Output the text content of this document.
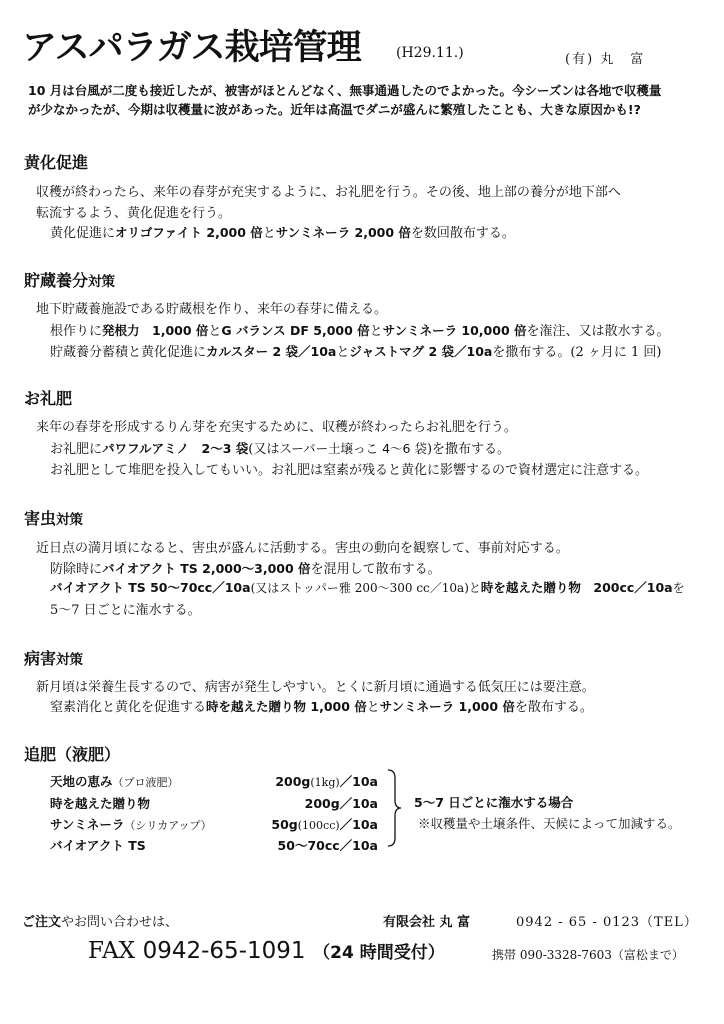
アスパラガス栽培管理	(H29.11.)	(有) 丸　富
10 月は台風が二度も接近したが、被害がほとんどなく、無事通過したのでよかった。今シーズンは各地で収穫量
が少なかったが、今期は収穫量に波があった。近年は高温でダニが盛んに繁殖したことも、大きな原因かも!?
黄化促進
収穫が終わったら、来年の春芽が充実するように、お礼肥を行う。その後、地上部の養分が地下部へ
転流するよう、黄化促進を行う。
黄化促進にオリゴファイト 2,000 倍とサンミネーラ 2,000 倍を数回散布する。
貯蔵養分対策
地下貯蔵養施設である貯蔵根を作り、来年の春芽に備える。
根作りに発根力　1,000 倍とG バランス DF 5,000 倍とサンミネーラ 10,000 倍を潅注、又は散水する。
貯蔵養分蓄積と黄化促進にカルスター 2 袋／10aとジャストマグ 2 袋／10aを撒布する。(2 ヶ月に 1 回)
お礼肥
来年の春芽を形成するりん芽を充実するために、収穫が終わったらお礼肥を行う。
お礼肥にパワフルアミノ　2～3 袋(又はスーパー土壌っこ 4～6 袋)を撒布する。
お礼肥として堆肥を投入してもいい。お礼肥は窒素が残ると黄化に影響するので資材選定に注意する。
害虫対策
近日点の満月頃になると、害虫が盛んに活動する。害虫の動向を観察して、事前対応する。
防除時にバイオアクト TS 2,000～3,000 倍を混用して散布する。
バイオアクト TS 50～70cc／10a(又はストッパー雅 200～300 cc／10a)と時を越えた贈り物　200cc／10aを
5～7 日ごとに潅水する。
病害対策
新月頃は栄養生長するので、病害が発生しやすい。とくに新月頃に通過する低気圧には要注意。
窒素消化と黄化を促進する時を越えた贈り物 1,000 倍とサンミネーラ 1,000 倍を散布する。
追肥（液肥）
天地の恵み（プロ液肥）	200g(1kg)／10a
時を越えた贈り物	200g／10a
サンミネーラ（シリカアップ）	50g(100cc)／10a
バイオアクト TS	50～70cc／10a
5～7 日ごとに潅水する場合
※収穫量や土壌条件、天候によって加減する。
ご注文やお問い合わせは、	有限会社 丸 富	0942 - 65 - 0123（TEL）
FAX 0942-65-1091 （24 時間受付）	携帯 090-3328-7603（富松まで）
